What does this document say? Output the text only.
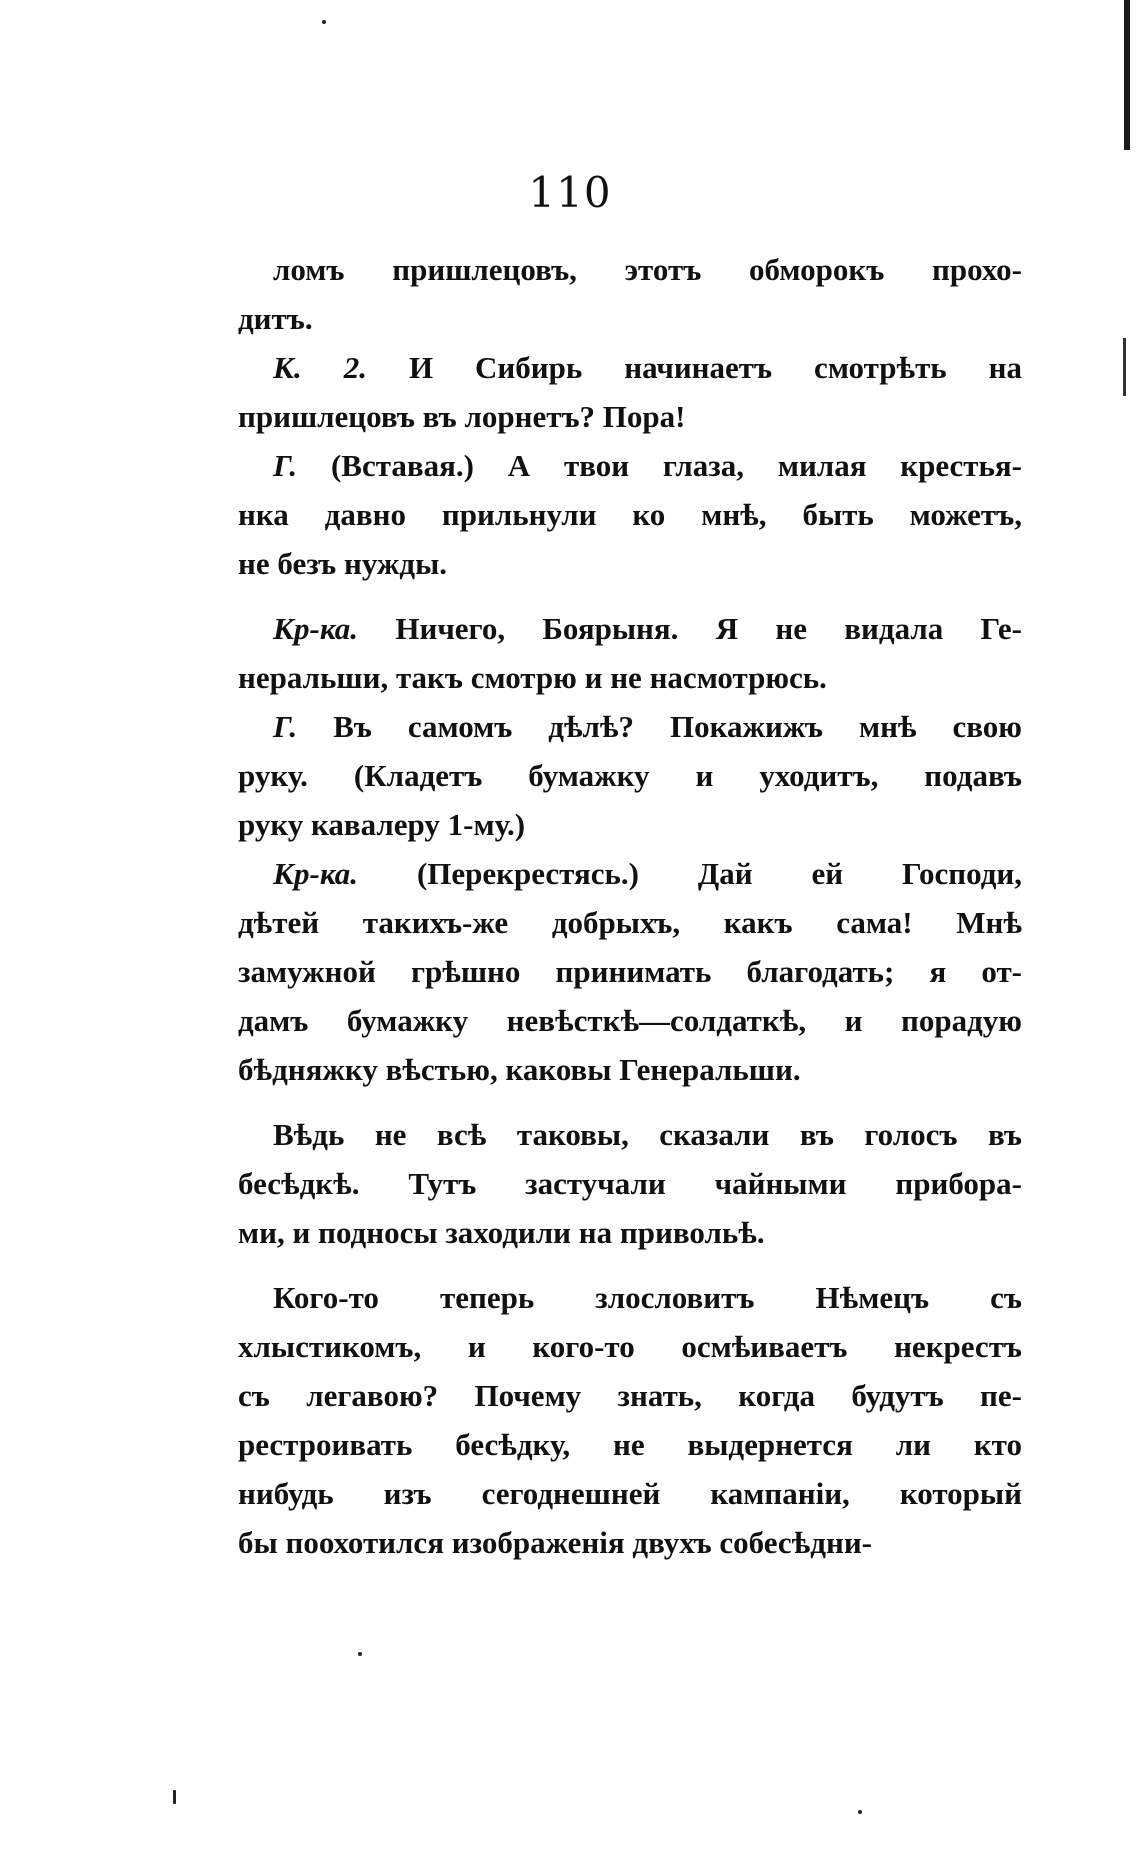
110
ломъ пришлецовъ, этотъ обморокъ прохо-
дитъ.
К. 2. И Сибирь начинаетъ смотрѣть на
пришлецовъ въ лорнетъ? Пора!
Г. (Вставая.) А твои глаза, милая крестья-
нка давно прильнули ко мнѣ, быть можетъ,
не безъ нужды.
Кр-ка. Ничего, Боярыня. Я не видала Ге-
неральши, такъ смотрю и не насмотрюсь.
Г. Въ самомъ дѣлѣ? Покажижъ мнѣ свою
руку. (Кладетъ бумажку и уходитъ, подавъ
руку кавалеру 1-му.)
Кр-ка. (Перекрестясь.) Дай ей Господи,
дѣтей такихъ-же добрыхъ, какъ сама! Мнѣ
замужной грѣшно принимать благодать; я от-
дамъ бумажку невѣсткѣ—солдаткѣ, и порадую
бѣдняжку вѣстью, каковы Генеральши.
Вѣдь не всѣ таковы, сказали въ голосъ въ
бесѣдкѣ. Тутъ застучали чайными прибора-
ми, и подносы заходили на привольѣ.
Кого-то теперь злословитъ Нѣмецъ съ
хлыстикомъ, и кого-то осмѣиваетъ некрестъ
съ легавою? Почему знать, когда будутъ пе-
рестроивать бесѣдку, не выдернется ли кто
нибудь изъ сегоднешней кампаніи, который
бы поохотился изображенія двухъ собесѣдни-
